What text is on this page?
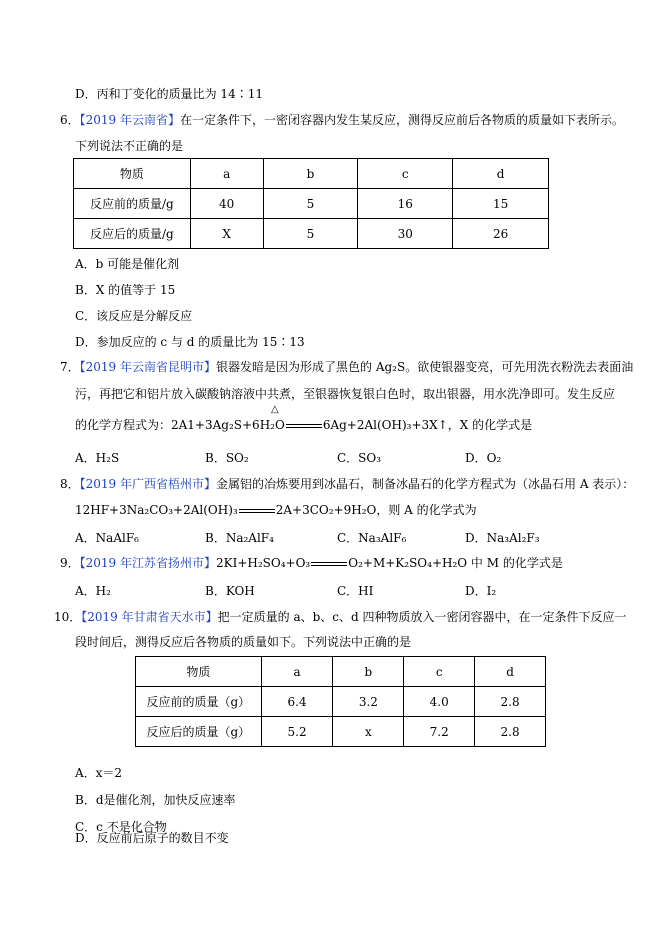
D．丙和丁变化的质量比为 14∶11
6．【2019 年云南省】在一定条件下，一密闭容器内发生某反应，测得反应前后各物质的质量如下表所示。
下列说法不正确的是
物质	a	b	c	d
反应前的质量/g	40	5	16	15
反应后的质量/g	X	5	30	26
A．b 可能是催化剂
B．X 的值等于 15
C．该反应是分解反应
D．参加反应的 c 与 d 的质量比为 15∶13
7．【2019 年云南省昆明市】银器发暗是因为形成了黑色的 Ag₂S。欲使银器变亮，可先用洗衣粉洗去表面油
污，再把它和铝片放入碳酸钠溶液中共煮，至银器恢复银白色时，取出银器，用水洗净即可。发生反应
△
的化学方程式为：2A1+3Ag₂S+6H₂O	6Ag+2Al(OH)₃+3X↑，X 的化学式是
A．H₂S	B．SO₂	C．SO₃	D．O₂
8．【2019 年广西省梧州市】金属铝的冶炼要用到冰晶石，制备冰晶石的化学方程式为（冰晶石用 A 表示）：
12HF+3Na₂CO₃+2Al(OH)₃	2A+3CO₂+9H₂O，则 A 的化学式为
A．NaAlF₆	B．Na₂AlF₄	C．Na₃AlF₆	D．Na₃Al₂F₃
9．【2019 年江苏省扬州市】2KI+H₂SO₄+O₃	O₂+M+K₂SO₄+H₂O 中 M 的化学式是
A．H₂	B．KOH	C．HI	D．I₂
10．【2019 年甘肃省天水市】把一定质量的 a、b、c、d 四种物质放入一密闭容器中，在一定条件下反应一
段时间后，测得反应后各物质的质量如下。下列说法中正确的是
物质	a	b	c	d
反应前的质量（g）	6.4	3.2	4.0	2.8
反应后的质量（g）	5.2	x	7.2	2.8
A．x＝2
B．d是催化剂，加快反应速率
C．c 不是化合物
D．反应前后原子的数目不变
